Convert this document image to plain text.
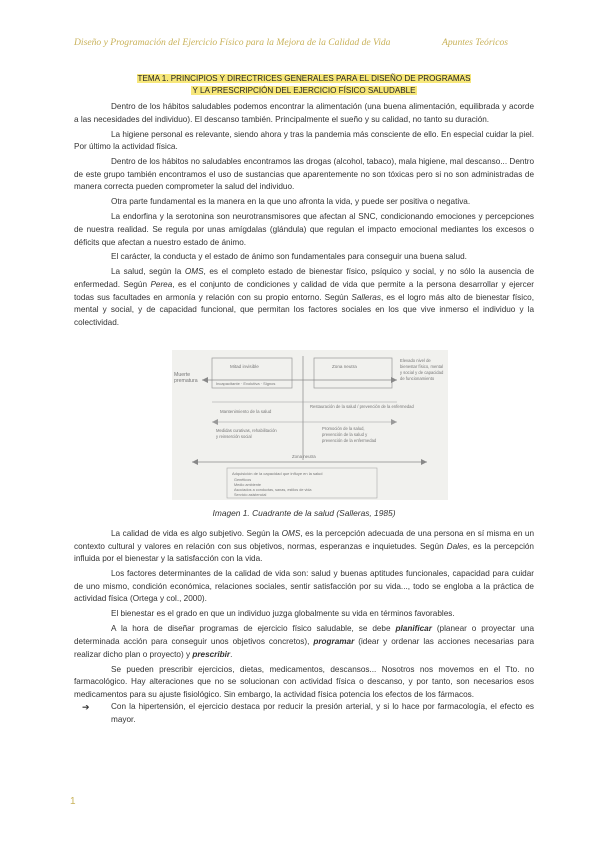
Diseño y Programación del Ejercicio Físico para la Mejora de la Calidad de Vida	Apuntes Teóricos
TEMA 1. PRINCIPIOS Y DIRECTRICES GENERALES PARA EL DISEÑO DE PROGRAMAS
Y LA PRESCRIPCIÓN DEL EJERCICIO FÍSICO SALUDABLE

Dentro de los hábitos saludables podemos encontrar la alimentación (una buena alimentación, equilibrada y acorde a las necesidades del individuo). El descanso también. Principalmente el sueño y su calidad, no tanto su duración.

La higiene personal es relevante, siendo ahora y tras la pandemia más consciente de ello. En especial cuidar la piel. Por último la actividad física.

Dentro de los hábitos no saludables encontramos las drogas (alcohol, tabaco), mala higiene, mal descanso... Dentro de este grupo también encontramos el uso de sustancias que aparentemente no son tóxicas pero si no son administradas de manera correcta pueden comprometer la salud del individuo.

Otra parte fundamental es la manera en la que uno afronta la vida, y puede ser positiva o negativa.

La endorfina y la serotonina son neurotransmisores que afectan al SNC, condicionando emociones y percepciones de nuestra realidad. Se regula por unas amígdalas (glándula) que regulan el impacto emocional mediantes los excesos o déficits que afectan a nuestro estado de ánimo.

El carácter, la conducta y el estado de ánimo son fundamentales para conseguir una buena salud.

La salud, según la OMS, es el completo estado de bienestar físico, psíquico y social, y no sólo la ausencia de enfermedad. Según Perea, es el conjunto de condiciones y calidad de vida que permite a la persona desarrollar y ejercer todas sus facultades en armonía y relación con su propio entorno. Según Salleras, es el logro más alto de bienestar físico, mental y social, y de capacidad funcional, que permitan los factores sociales en los que vive inmerso el individuo y la colectividad.

Muerte
prematura
Mitad invisible
Incapacitante · Evolutiva · Signos
Zona neutra
Elevado nivel de
bienestar físico, mental
y social y de capacidad
de funcionamiento
Mantenimiento de la salud
Restauración de la salud / prevención de la enfermedad
Medidas curativas, rehabilitación
y reinserción social
Promoción de la salud,
prevención de la salud y
prevención de la enfermedad
Zona neutra
Adquisición de la capacidad que influye en la salud
Genéticos
Medio ambiente
Asociados a conductas, sanas, estilos de vida
Servicio asistencial
Imagen 1. Cuadrante de la salud (Salleras, 1985)

La calidad de vida es algo subjetivo. Según la OMS, es la percepción adecuada de una persona en sí misma en un contexto cultural y valores en relación con sus objetivos, normas, esperanzas e inquietudes. Según Dales, es la percepción influida por el bienestar y la satisfacción con la vida.

Los factores determinantes de la calidad de vida son: salud y buenas aptitudes funcionales, capacidad para cuidar de uno mismo, condición económica, relaciones sociales, sentir satisfacción por su vida..., todo se engloba a la práctica de actividad física (Ortega y col., 2000).

El bienestar es el grado en que un individuo juzga globalmente su vida en términos favorables.

A la hora de diseñar programas de ejercicio físico saludable, se debe planificar (planear o proyectar una determinada acción para conseguir unos objetivos concretos), programar (idear y ordenar las acciones necesarias para realizar dicho plan o proyecto) y prescribir.

Se pueden prescribir ejercicios, dietas, medicamentos, descansos... Nosotros nos movemos en el Tto. no farmacológico. Hay alteraciones que no se solucionan con actividad física o descanso, y por tanto, son necesarios esos medicamentos para su ajuste fisiológico. Sin embargo, la actividad física potencia los efectos de los fármacos.

➔	Con la hipertensión, el ejercicio destaca por reducir la presión arterial, y si lo hace por farmacología, el efecto es mayor.

1
